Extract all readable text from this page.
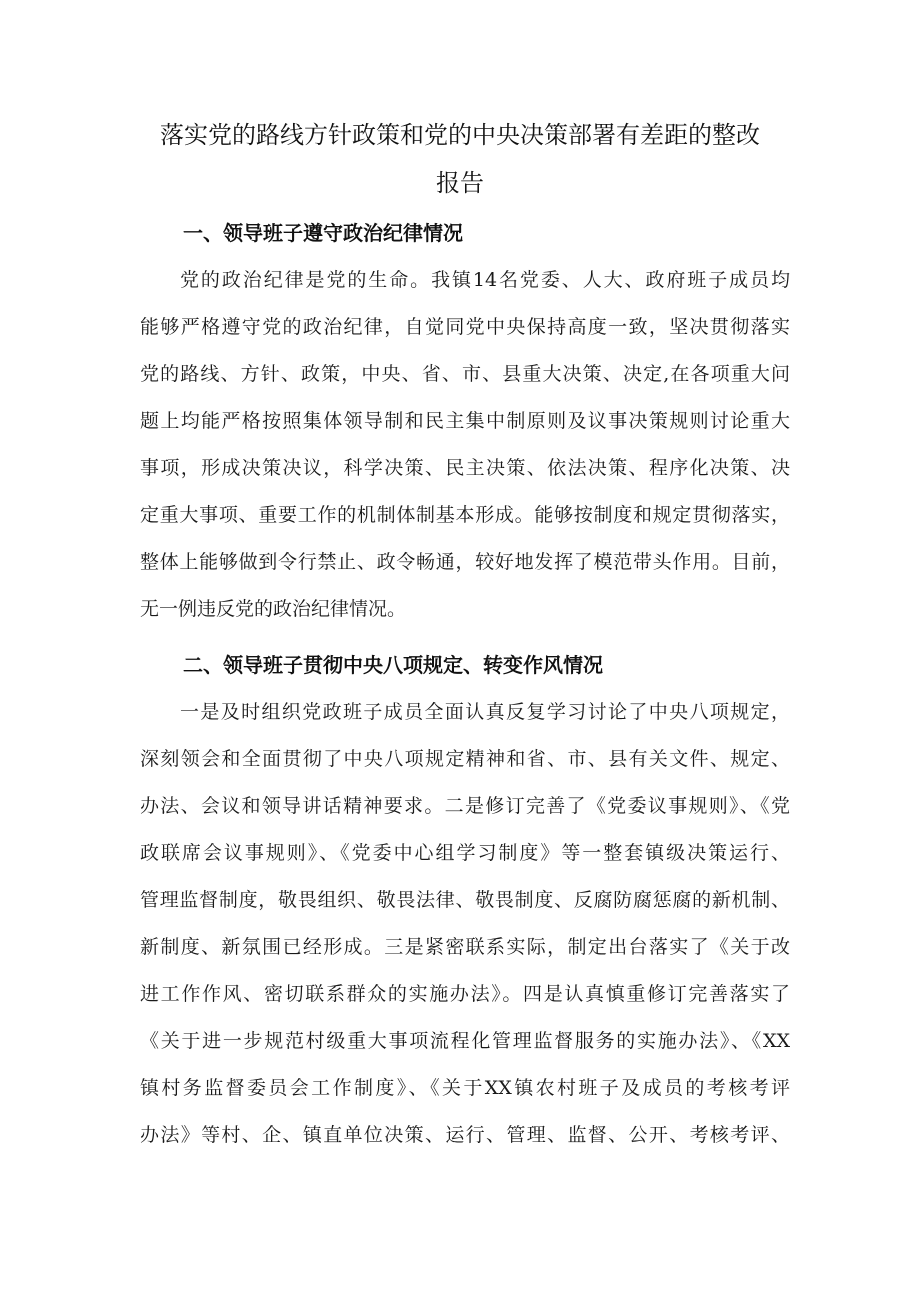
落实党的路线方针政策和党的中央决策部署有差距的整改
报告
一、领导班子遵守政治纪律情况
党的政治纪律是党的生命。我镇14名党委、人大、政府班子成员均
能够严格遵守党的政治纪律，自觉同党中央保持高度一致，坚决贯彻落实
党的路线、方针、政策，中央、省、市、县重大决策、决定,在各项重大问
题上均能严格按照集体领导制和民主集中制原则及议事决策规则讨论重大
事项，形成决策决议，科学决策、民主决策、依法决策、程序化决策、决
定重大事项、重要工作的机制体制基本形成。能够按制度和规定贯彻落实，
整体上能够做到令行禁止、政令畅通，较好地发挥了模范带头作用。目前，
无一例违反党的政治纪律情况。
二、领导班子贯彻中央八项规定、转变作风情况
一是及时组织党政班子成员全面认真反复学习讨论了中央八项规定，
深刻领会和全面贯彻了中央八项规定精神和省、市、县有关文件、规定、
办法、会议和领导讲话精神要求。二是修订完善了《党委议事规则》、《党
政联席会议事规则》、《党委中心组学习制度》等一整套镇级决策运行、
管理监督制度，敬畏组织、敬畏法律、敬畏制度、反腐防腐惩腐的新机制、
新制度、新氛围已经形成。三是紧密联系实际，制定出台落实了《关于改
进工作作风、密切联系群众的实施办法》。四是认真慎重修订完善落实了
《关于进一步规范村级重大事项流程化管理监督服务的实施办法》、《XX
镇村务监督委员会工作制度》、《关于XX镇农村班子及成员的考核考评
办法》等村、企、镇直单位决策、运行、管理、监督、公开、考核考评、
